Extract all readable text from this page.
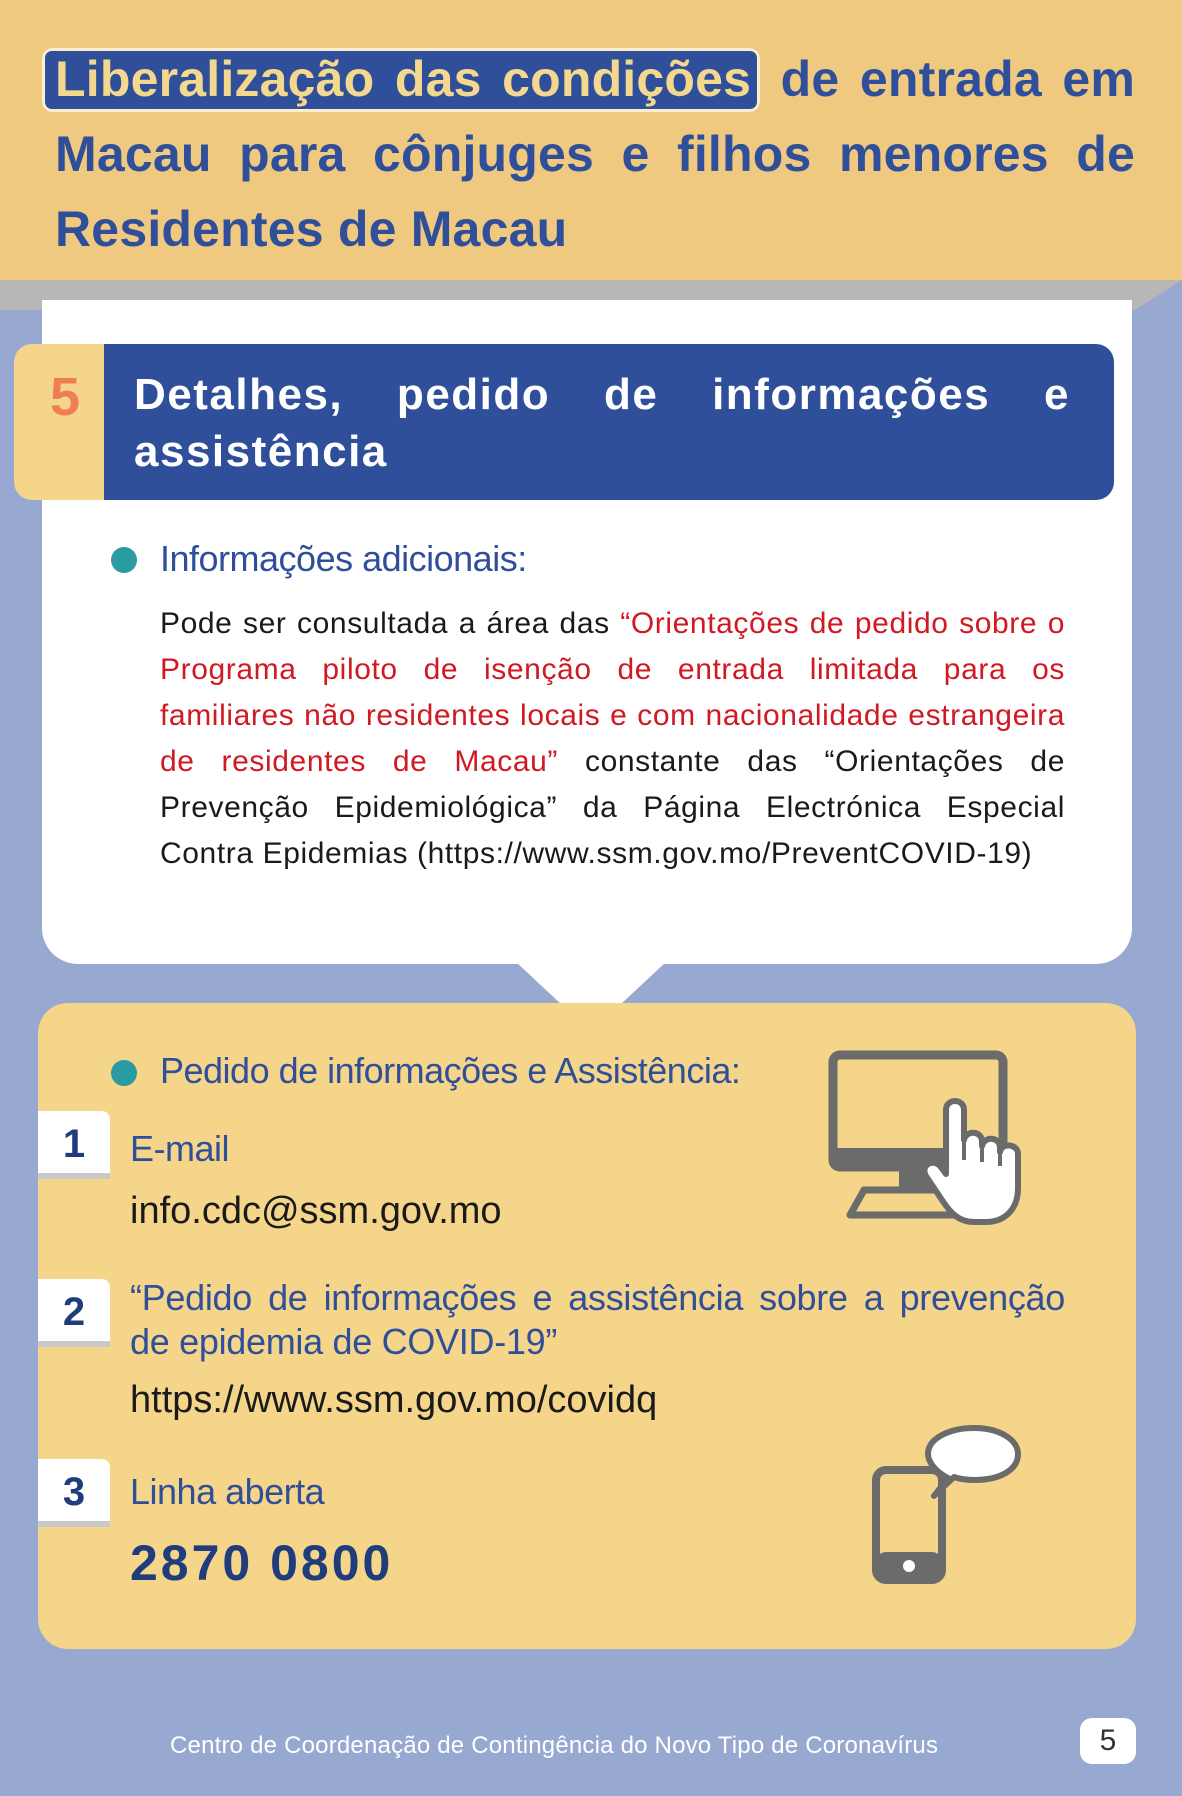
Liberalização das condições de entrada em Macau para cônjuges e filhos menores de Residentes de Macau
5 Detalhes, pedido de informações e assistência
Informações adicionais:

Pode ser consultada a área das “Orientações de pedido sobre o Programa piloto de isenção de entrada limitada para os familiares não residentes locais e com nacionalidade estrangeira de residentes de Macau” constante das “Orientações de Prevenção Epidemiológica” da Página Electrónica Especial Contra Epidemias (https://www.ssm.gov.mo/PreventCOVID-19)

Pedido de informações e Assistência:
1	E-mail
info.cdc@ssm.gov.mo
2	“Pedido de informações e assistência sobre a prevenção de epidemia de COVID-19”
https://www.ssm.gov.mo/covidq
3	Linha aberta
2870 0800
Centro de Coordenação de Contingência do Novo Tipo de Coronavírus	5
